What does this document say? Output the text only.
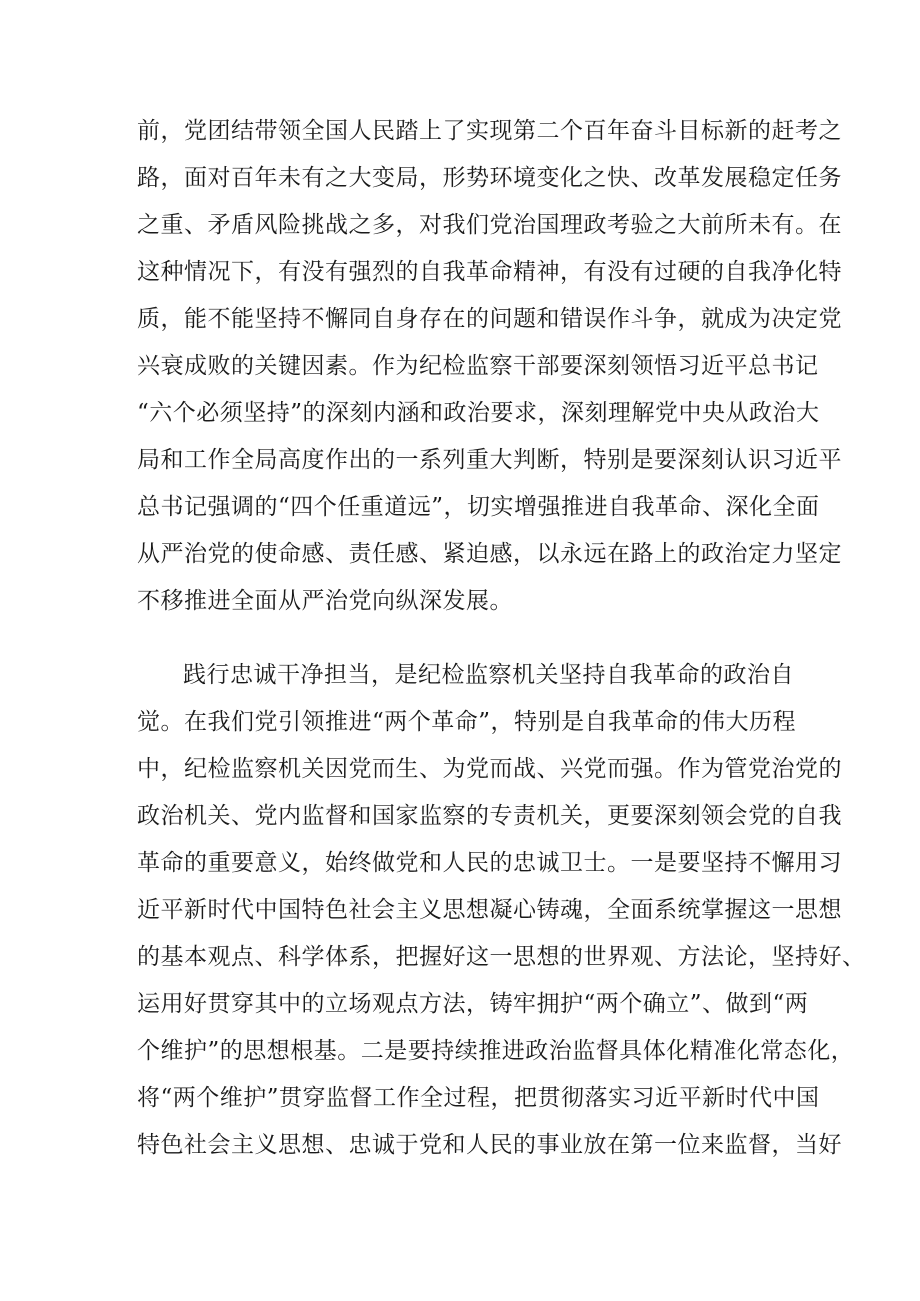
前，党团结带领全国人民踏上了实现第二个百年奋斗目标新的赶考之
路，面对百年未有之大变局，形势环境变化之快、改革发展稳定任务
之重、矛盾风险挑战之多，对我们党治国理政考验之大前所未有。在
这种情况下，有没有强烈的自我革命精神，有没有过硬的自我净化特
质，能不能坚持不懈同自身存在的问题和错误作斗争，就成为决定党
兴衰成败的关键因素。作为纪检监察干部要深刻领悟习近平总书记
“六个必须坚持”的深刻内涵和政治要求，深刻理解党中央从政治大
局和工作全局高度作出的一系列重大判断，特别是要深刻认识习近平
总书记强调的“四个任重道远”，切实增强推进自我革命、深化全面
从严治党的使命感、责任感、紧迫感，以永远在路上的政治定力坚定
不移推进全面从严治党向纵深发展。
践行忠诚干净担当，是纪检监察机关坚持自我革命的政治自
觉。在我们党引领推进“两个革命”，特别是自我革命的伟大历程
中，纪检监察机关因党而生、为党而战、兴党而强。作为管党治党的
政治机关、党内监督和国家监察的专责机关，更要深刻领会党的自我
革命的重要意义，始终做党和人民的忠诚卫士。一是要坚持不懈用习
近平新时代中国特色社会主义思想凝心铸魂，全面系统掌握这一思想
的基本观点、科学体系，把握好这一思想的世界观、方法论，坚持好、
运用好贯穿其中的立场观点方法，铸牢拥护“两个确立”、做到“两
个维护”的思想根基。二是要持续推进政治监督具体化精准化常态化，
将“两个维护”贯穿监督工作全过程，把贯彻落实习近平新时代中国
特色社会主义思想、忠诚于党和人民的事业放在第一位来监督，当好
